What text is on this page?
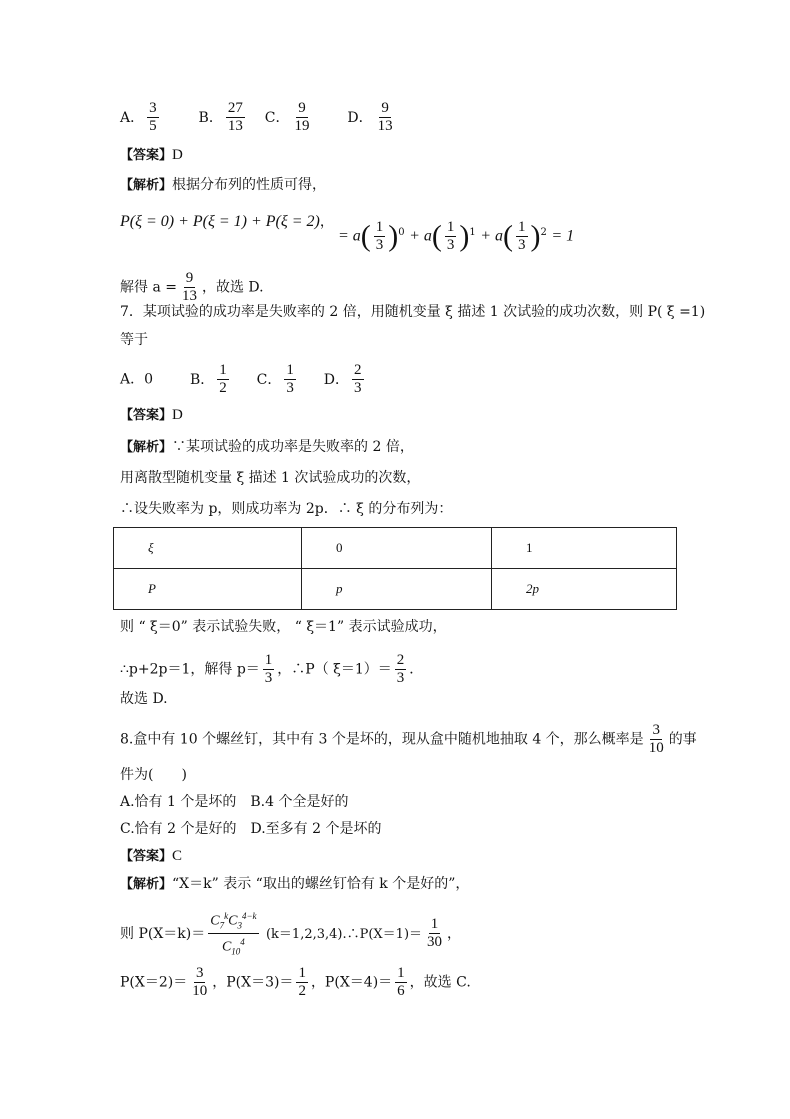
A． $\frac{3}{5}$	B． $\frac{27}{13}$ C． $\frac{9}{19}$	D． $\frac{9}{13}$
【答案】D
【解析】根据分布列的性质可得，
P(ξ = 0) + P(ξ = 1) + P(ξ = 2)，
= $a( \frac{1}{3} )^0 + a( \frac{1}{3} )^1 + a( \frac{1}{3} )^2 = 1$
解得 $a = \frac{9}{13}$ ，故选 D.
7．某项试验的成功率是失败率的 2 倍，用随机变量 ξ 描述 1 次试验的成功次数，则 P( ξ =1)
等于
A．0	B． $\frac{1}{2}$ C． $\frac{1}{3}$ D． $\frac{2}{3}$
【答案】D
【解析】∵某项试验的成功率是失败率的 2 倍，
用离散型随机变量 ξ 描述 1 次试验成功的次数，
∴设失败率为 p，则成功率为 2p．∴ ξ 的分布列为：
ξ	0	1
P	p	2p
则 “ ξ＝0” 表示试验失败， “ ξ＝1” 表示试验成功，
∴p+2p＝1，解得 $p= \frac{1}{3}$ ，∴P（ $\xi=1)= \frac{2}{3}$ ．
故选 D.
8.盒中有 10 个螺丝钉，其中有 3 个是坏的，现从盒中随机地抽取 4 个，那么概率是 $\frac{3}{10}$ 的事
件为(　　)
A.恰有 1 个是坏的　B.4 个全是好的
C.恰有 2 个是好的　D.至多有 2 个是坏的
【答案】C
【解析】“X＝k” 表示 “取出的螺丝钉恰有 k 个是好的”，
则 $P(X=k)= \frac{C_7^kC_3^{4-k}}{C_{10}^4}$ (k＝1,2,3,4).∴P(X＝1)＝ $\frac{1}{30}$ ，
$P(X=2)= \frac{3}{10}$ ，$P(X=3)= \frac{1}{2}$ ，$P(X=4)= \frac{1}{6}$ ，故选 C.
